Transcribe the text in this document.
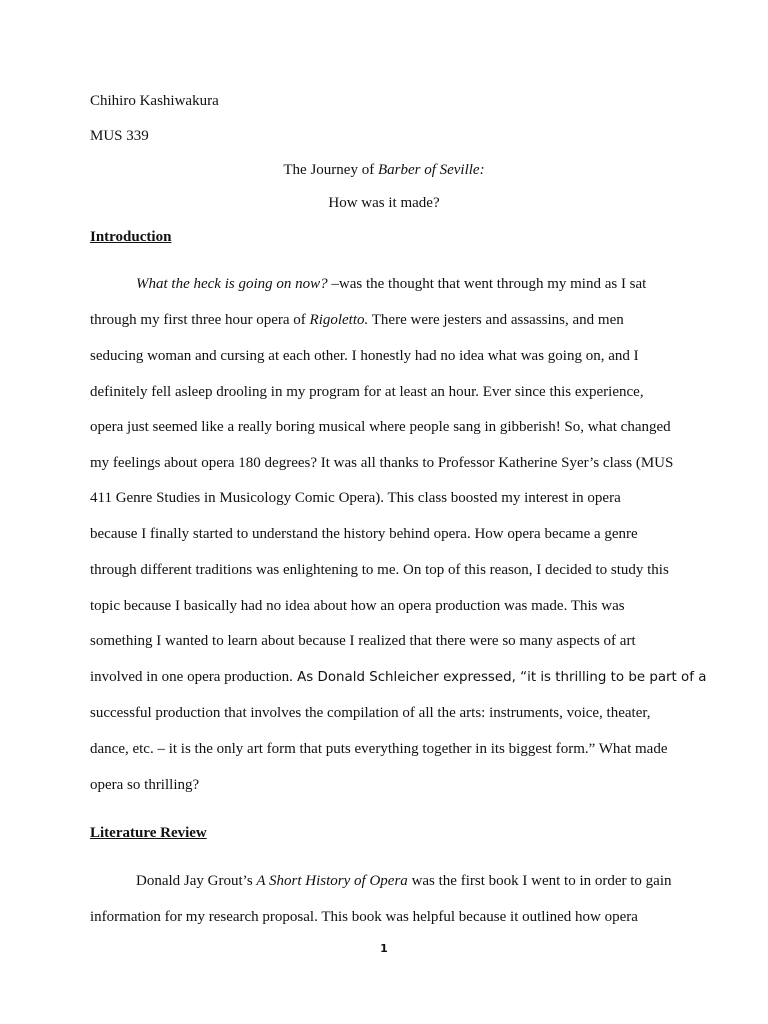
Chihiro Kashiwakura
MUS 339
The Journey of Barber of Seville:
How was it made?
Introduction
What the heck is going on now? –was the thought that went through my mind as I sat
through my first three hour opera of Rigoletto. There were jesters and assassins, and men
seducing woman and cursing at each other. I honestly had no idea what was going on, and I
definitely fell asleep drooling in my program for at least an hour. Ever since this experience,
opera just seemed like a really boring musical where people sang in gibberish! So, what changed
my feelings about opera 180 degrees? It was all thanks to Professor Katherine Syer’s class (MUS
411 Genre Studies in Musicology Comic Opera). This class boosted my interest in opera
because I finally started to understand the history behind opera. How opera became a genre
through different traditions was enlightening to me. On top of this reason, I decided to study this
topic because I basically had no idea about how an opera production was made. This was
something I wanted to learn about because I realized that there were so many aspects of art
involved in one opera production. As Donald Schleicher expressed, “it is thrilling to be part of a
successful production that involves the compilation of all the arts: instruments, voice, theater,
dance, etc. – it is the only art form that puts everything together in its biggest form.” What made
opera so thrilling?
Literature Review
Donald Jay Grout’s A Short History of Opera was the first book I went to in order to gain
information for my research proposal. This book was helpful because it outlined how opera
1
